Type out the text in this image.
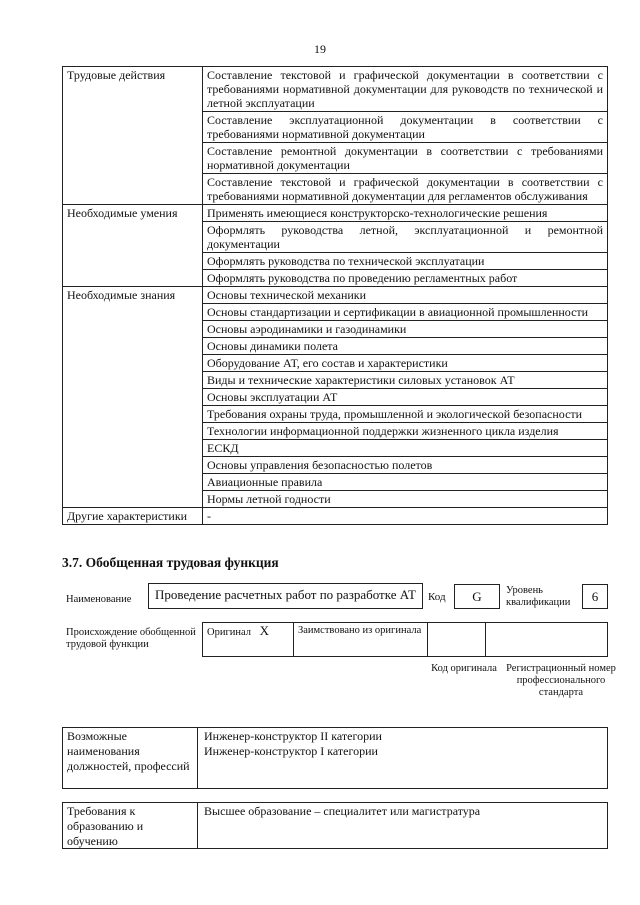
19
Трудовые действия	Составление текстовой и графической документации в соответствии с требованиями нормативной документации для руководств по технической и летной эксплуатации
	Составление эксплуатационной документации в соответствии с требованиями нормативной документации
	Составление ремонтной документации в соответствии с требованиями нормативной документации
	Составление текстовой и графической документации в соответствии с требованиями нормативной документации для регламентов обслуживания
Необходимые умения	Применять имеющиеся конструкторско-технологические решения
	Оформлять руководства летной, эксплуатационной и ремонтной документации
	Оформлять руководства по технической эксплуатации
	Оформлять руководства по проведению регламентных работ
Необходимые знания	Основы технической механики
	Основы стандартизации и сертификации в авиационной промышленности
	Основы аэродинамики и газодинамики
	Основы динамики полета
	Оборудование АТ, его состав и характеристики
	Виды и технические характеристики силовых установок АТ
	Основы эксплуатации АТ
	Требования охраны труда, промышленной и экологической безопасности
	Технологии информационной поддержки жизненного цикла изделия
	ЕСКД
	Основы управления безопасностью полетов
	Авиационные правила
	Нормы летной годности
Другие характеристики	-
3.7. Обобщенная трудовая функция
Наименование	Проведение расчетных работ по разработке АТ	Код	G	Уровень квалификации	6
Происхождение обобщенной трудовой функции
Оригинал X	Заимствовано из оригинала		
Код оригинала Регистрационный номер профессионального стандарта
Возможные наименования должностей, профессий
Инженер-конструктор II категории
Инженер-конструктор I категории
Требования к образованию и обучению
Высшее образование – специалитет или магистратура
